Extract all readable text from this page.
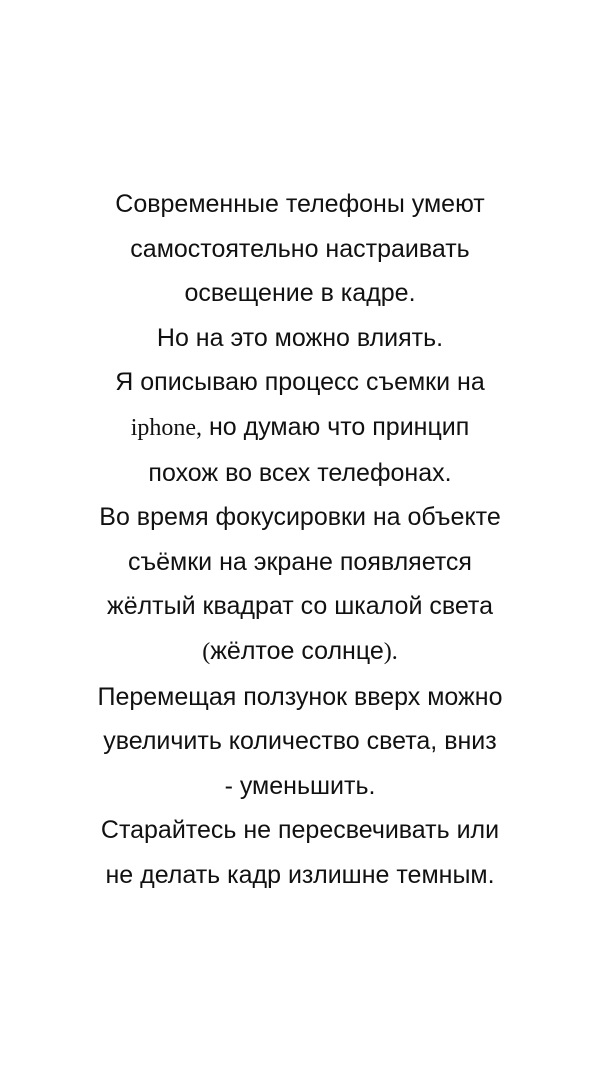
Современные телефоны умеют
самостоятельно настраивать
освещение в кадре.
Но на это можно влиять.
Я описываю процесс съемки на
iphone, но думаю что принцип
похож во всех телефонах.
Во время фокусировки на объекте
съёмки на экране появляется
жёлтый квадрат со шкалой света
(жёлтое солнце).
Перемещая ползунок вверх можно
увеличить количество света, вниз
- уменьшить.
Старайтесь не пересвечивать или
не делать кадр излишне темным.
